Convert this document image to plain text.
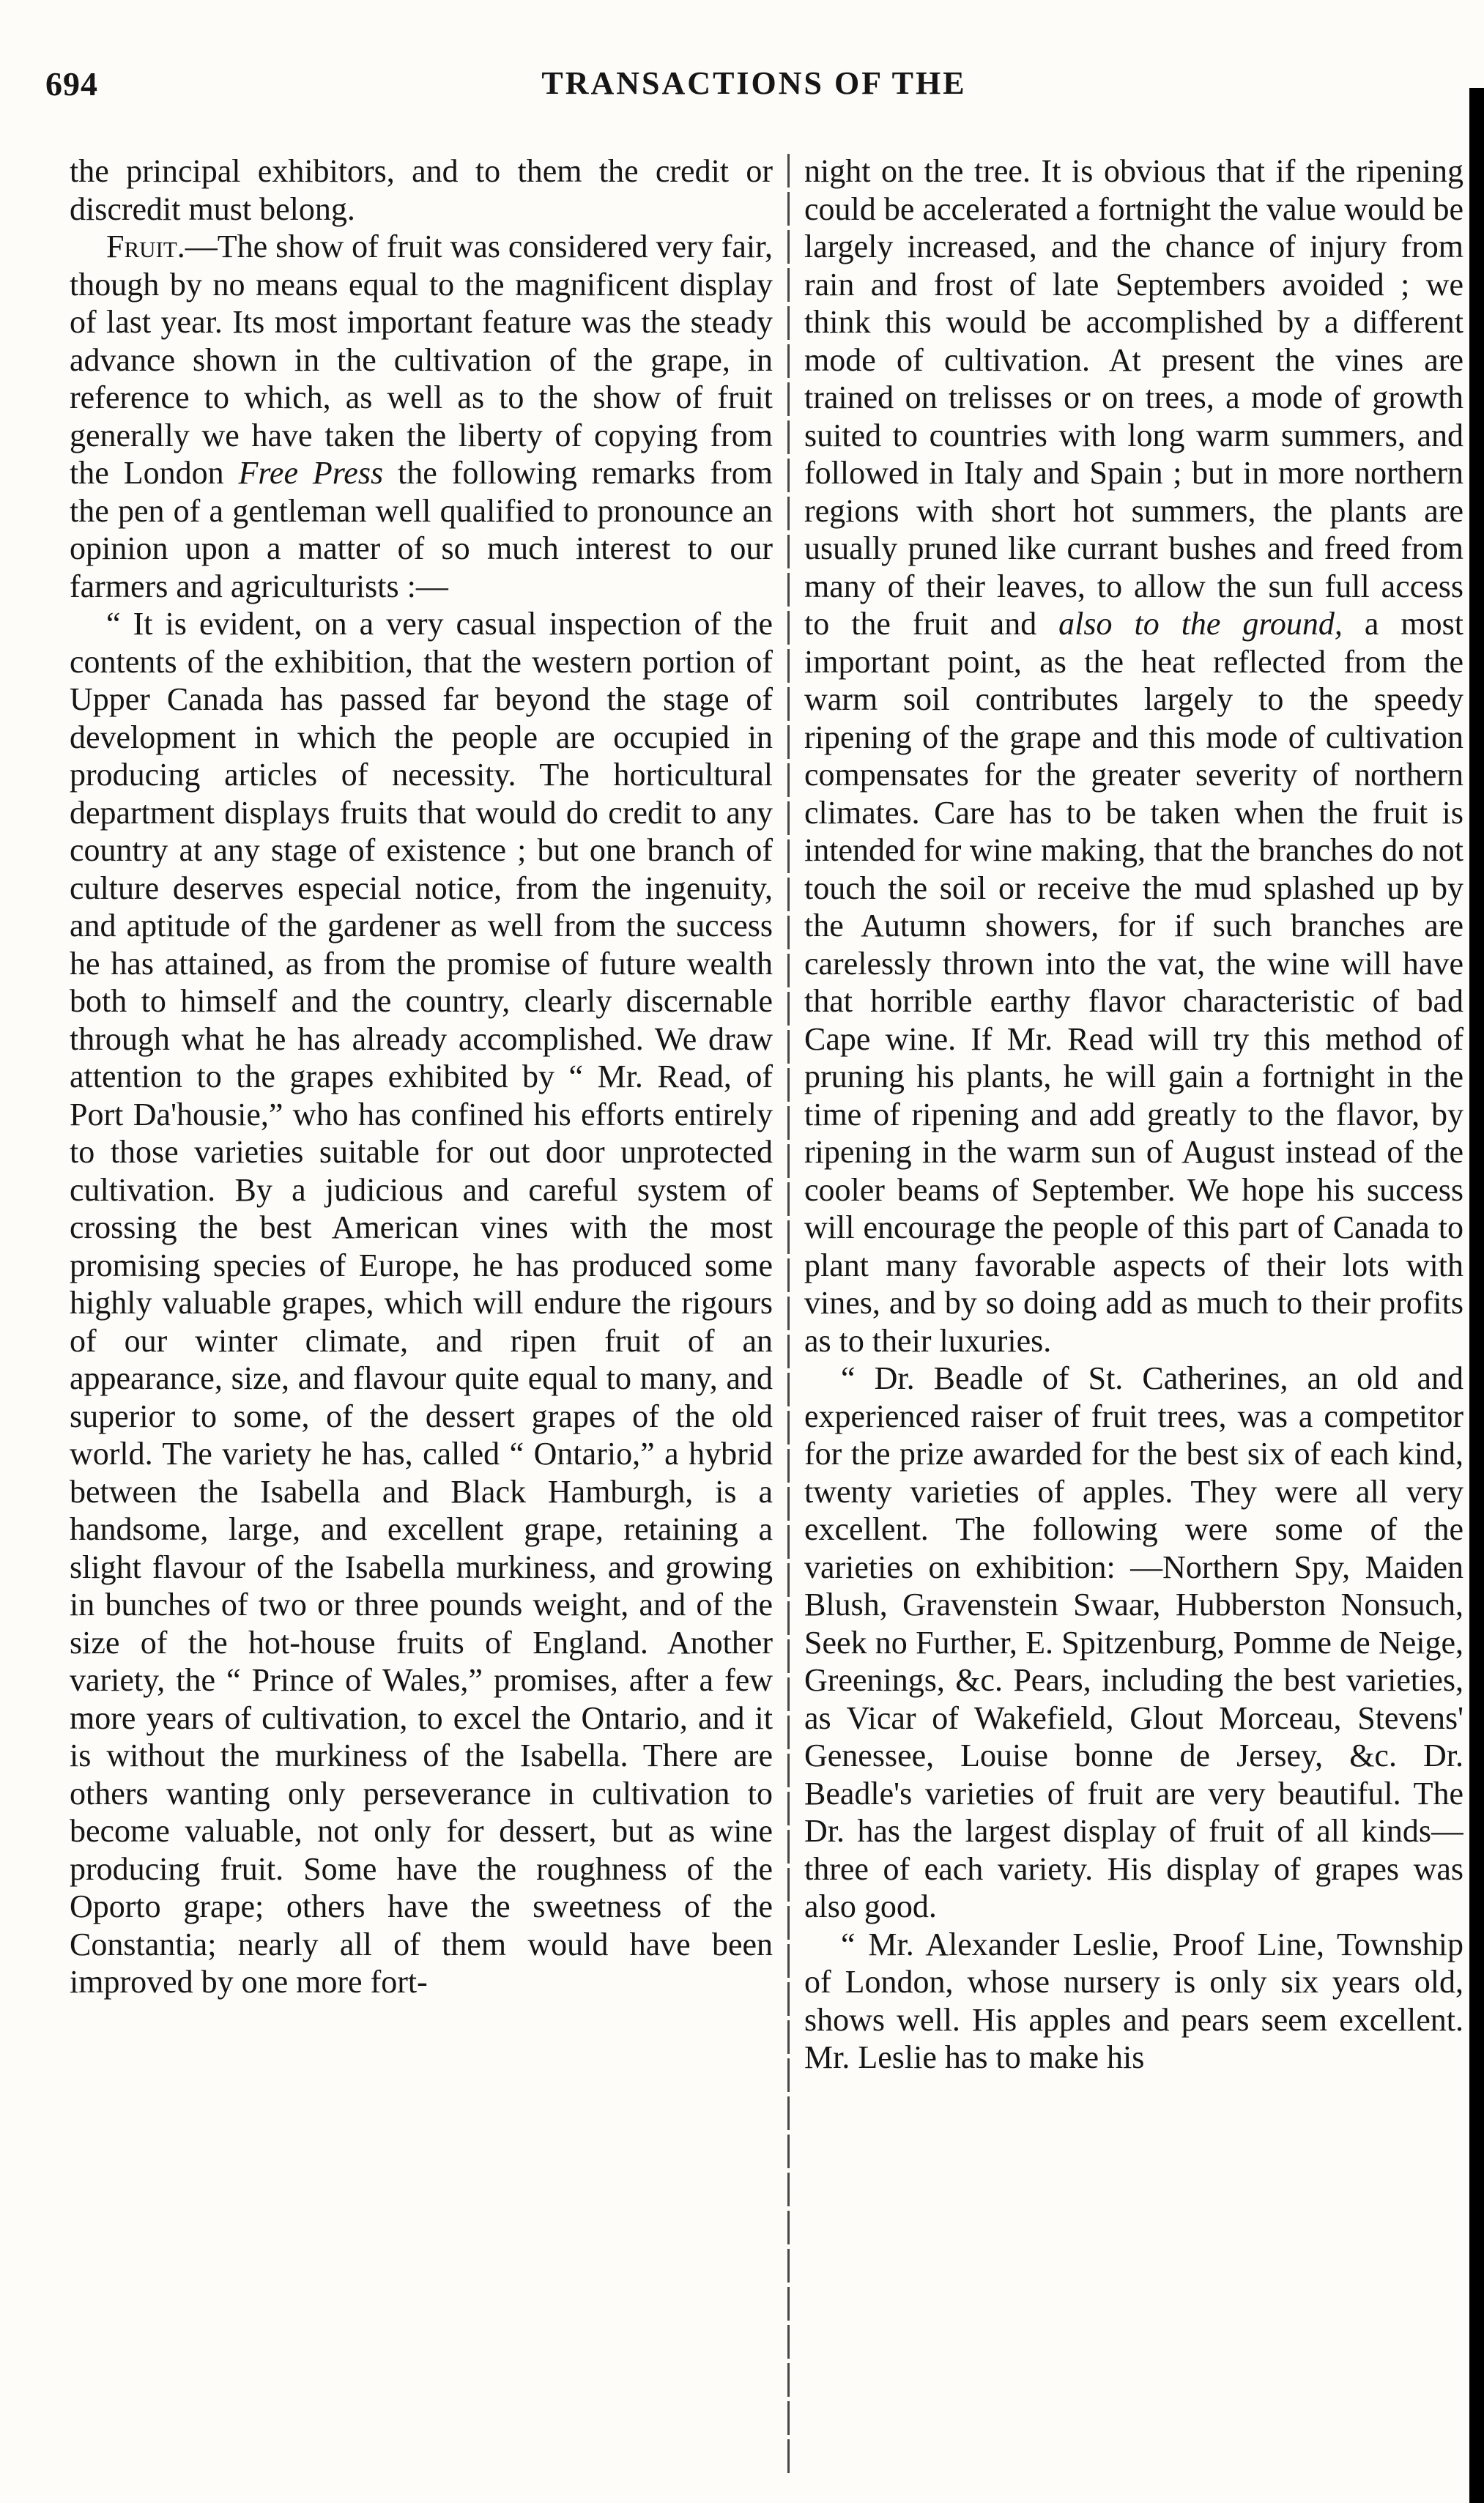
694	TRANSACTIONS OF THE

the principal exhibitors, and to them the credit or discredit must belong.

Fruit.—The show of fruit was considered very fair, though by no means equal to the magnificent display of last year. Its most important feature was the steady advance shown in the cultivation of the grape, in reference to which, as well as to the show of fruit generally we have taken the liberty of copying from the London Free Press the following remarks from the pen of a gentleman well qualified to pronounce an opinion upon a matter of so much interest to our farmers and agriculturists :—

“ It is evident, on a very casual inspection of the contents of the exhibition, that the western portion of Upper Canada has passed far beyond the stage of development in which the people are occupied in producing articles of necessity. The horticultural department displays fruits that would do credit to any country at any stage of existence ; but one branch of culture deserves especial notice, from the ingenuity, and aptitude of the gardener as well from the success he has attained, as from the promise of future wealth both to himself and the country, clearly discernable through what he has already accomplished. We draw attention to the grapes exhibited by “ Mr. Read, of Port Da'housie,” who has confined his efforts entirely to those varieties suitable for out door unprotected cultivation. By a judicious and careful system of crossing the best American vines with the most promising species of Europe, he has produced some highly valuable grapes, which will endure the rigours of our winter climate, and ripen fruit of an appearance, size, and flavour quite equal to many, and superior to some, of the dessert grapes of the old world. The variety he has, called “ Ontario,” a hybrid between the Isabella and Black Hamburgh, is a handsome, large, and excellent grape, retaining a slight flavour of the Isabella murkiness, and growing in bunches of two or three pounds weight, and of the size of the hot-house fruits of England. Another variety, the “ Prince of Wales,” promises, after a few more years of cultivation, to excel the Ontario, and it is without the murkiness of the Isabella. There are others wanting only perseverance in cultivation to become valuable, not only for dessert, but as wine producing fruit. Some have the roughness of the Oporto grape; others have the sweetness of the Constantia; nearly all of them would have been improved by one more fort-

night on the tree. It is obvious that if the ripening could be accelerated a fortnight the value would be largely increased, and the chance of injury from rain and frost of late Septembers avoided ; we think this would be accomplished by a different mode of cultivation. At present the vines are trained on trelisses or on trees, a mode of growth suited to countries with long warm summers, and followed in Italy and Spain ; but in more northern regions with short hot summers, the plants are usually pruned like currant bushes and freed from many of their leaves, to allow the sun full access to the fruit and also to the ground, a most important point, as the heat reflected from the warm soil contributes largely to the speedy ripening of the grape and this mode of cultivation compensates for the greater severity of northern climates. Care has to be taken when the fruit is intended for wine making, that the branches do not touch the soil or receive the mud splashed up by the Autumn showers, for if such branches are carelessly thrown into the vat, the wine will have that horrible earthy flavor characteristic of bad Cape wine. If Mr. Read will try this method of pruning his plants, he will gain a fortnight in the time of ripening and add greatly to the flavor, by ripening in the warm sun of August instead of the cooler beams of September. We hope his success will encourage the people of this part of Canada to plant many favorable aspects of their lots with vines, and by so doing add as much to their profits as to their luxuries.

“ Dr. Beadle of St. Catherines, an old and experienced raiser of fruit trees, was a competitor for the prize awarded for the best six of each kind, twenty varieties of apples. They were all very excellent. The following were some of the varieties on exhibition: —Northern Spy, Maiden Blush, Gravenstein Swaar, Hubberston Nonsuch, Seek no Further, E. Spitzenburg, Pomme de Neige, Greenings, &c. Pears, including the best varieties, as Vicar of Wakefield, Glout Morceau, Stevens' Genessee, Louise bonne de Jersey, &c. Dr. Beadle's varieties of fruit are very beautiful. The Dr. has the largest display of fruit of all kinds—three of each variety. His display of grapes was also good.

“ Mr. Alexander Leslie, Proof Line, Township of London, whose nursery is only six years old, shows well. His apples and pears seem excellent. Mr. Leslie has to make his
